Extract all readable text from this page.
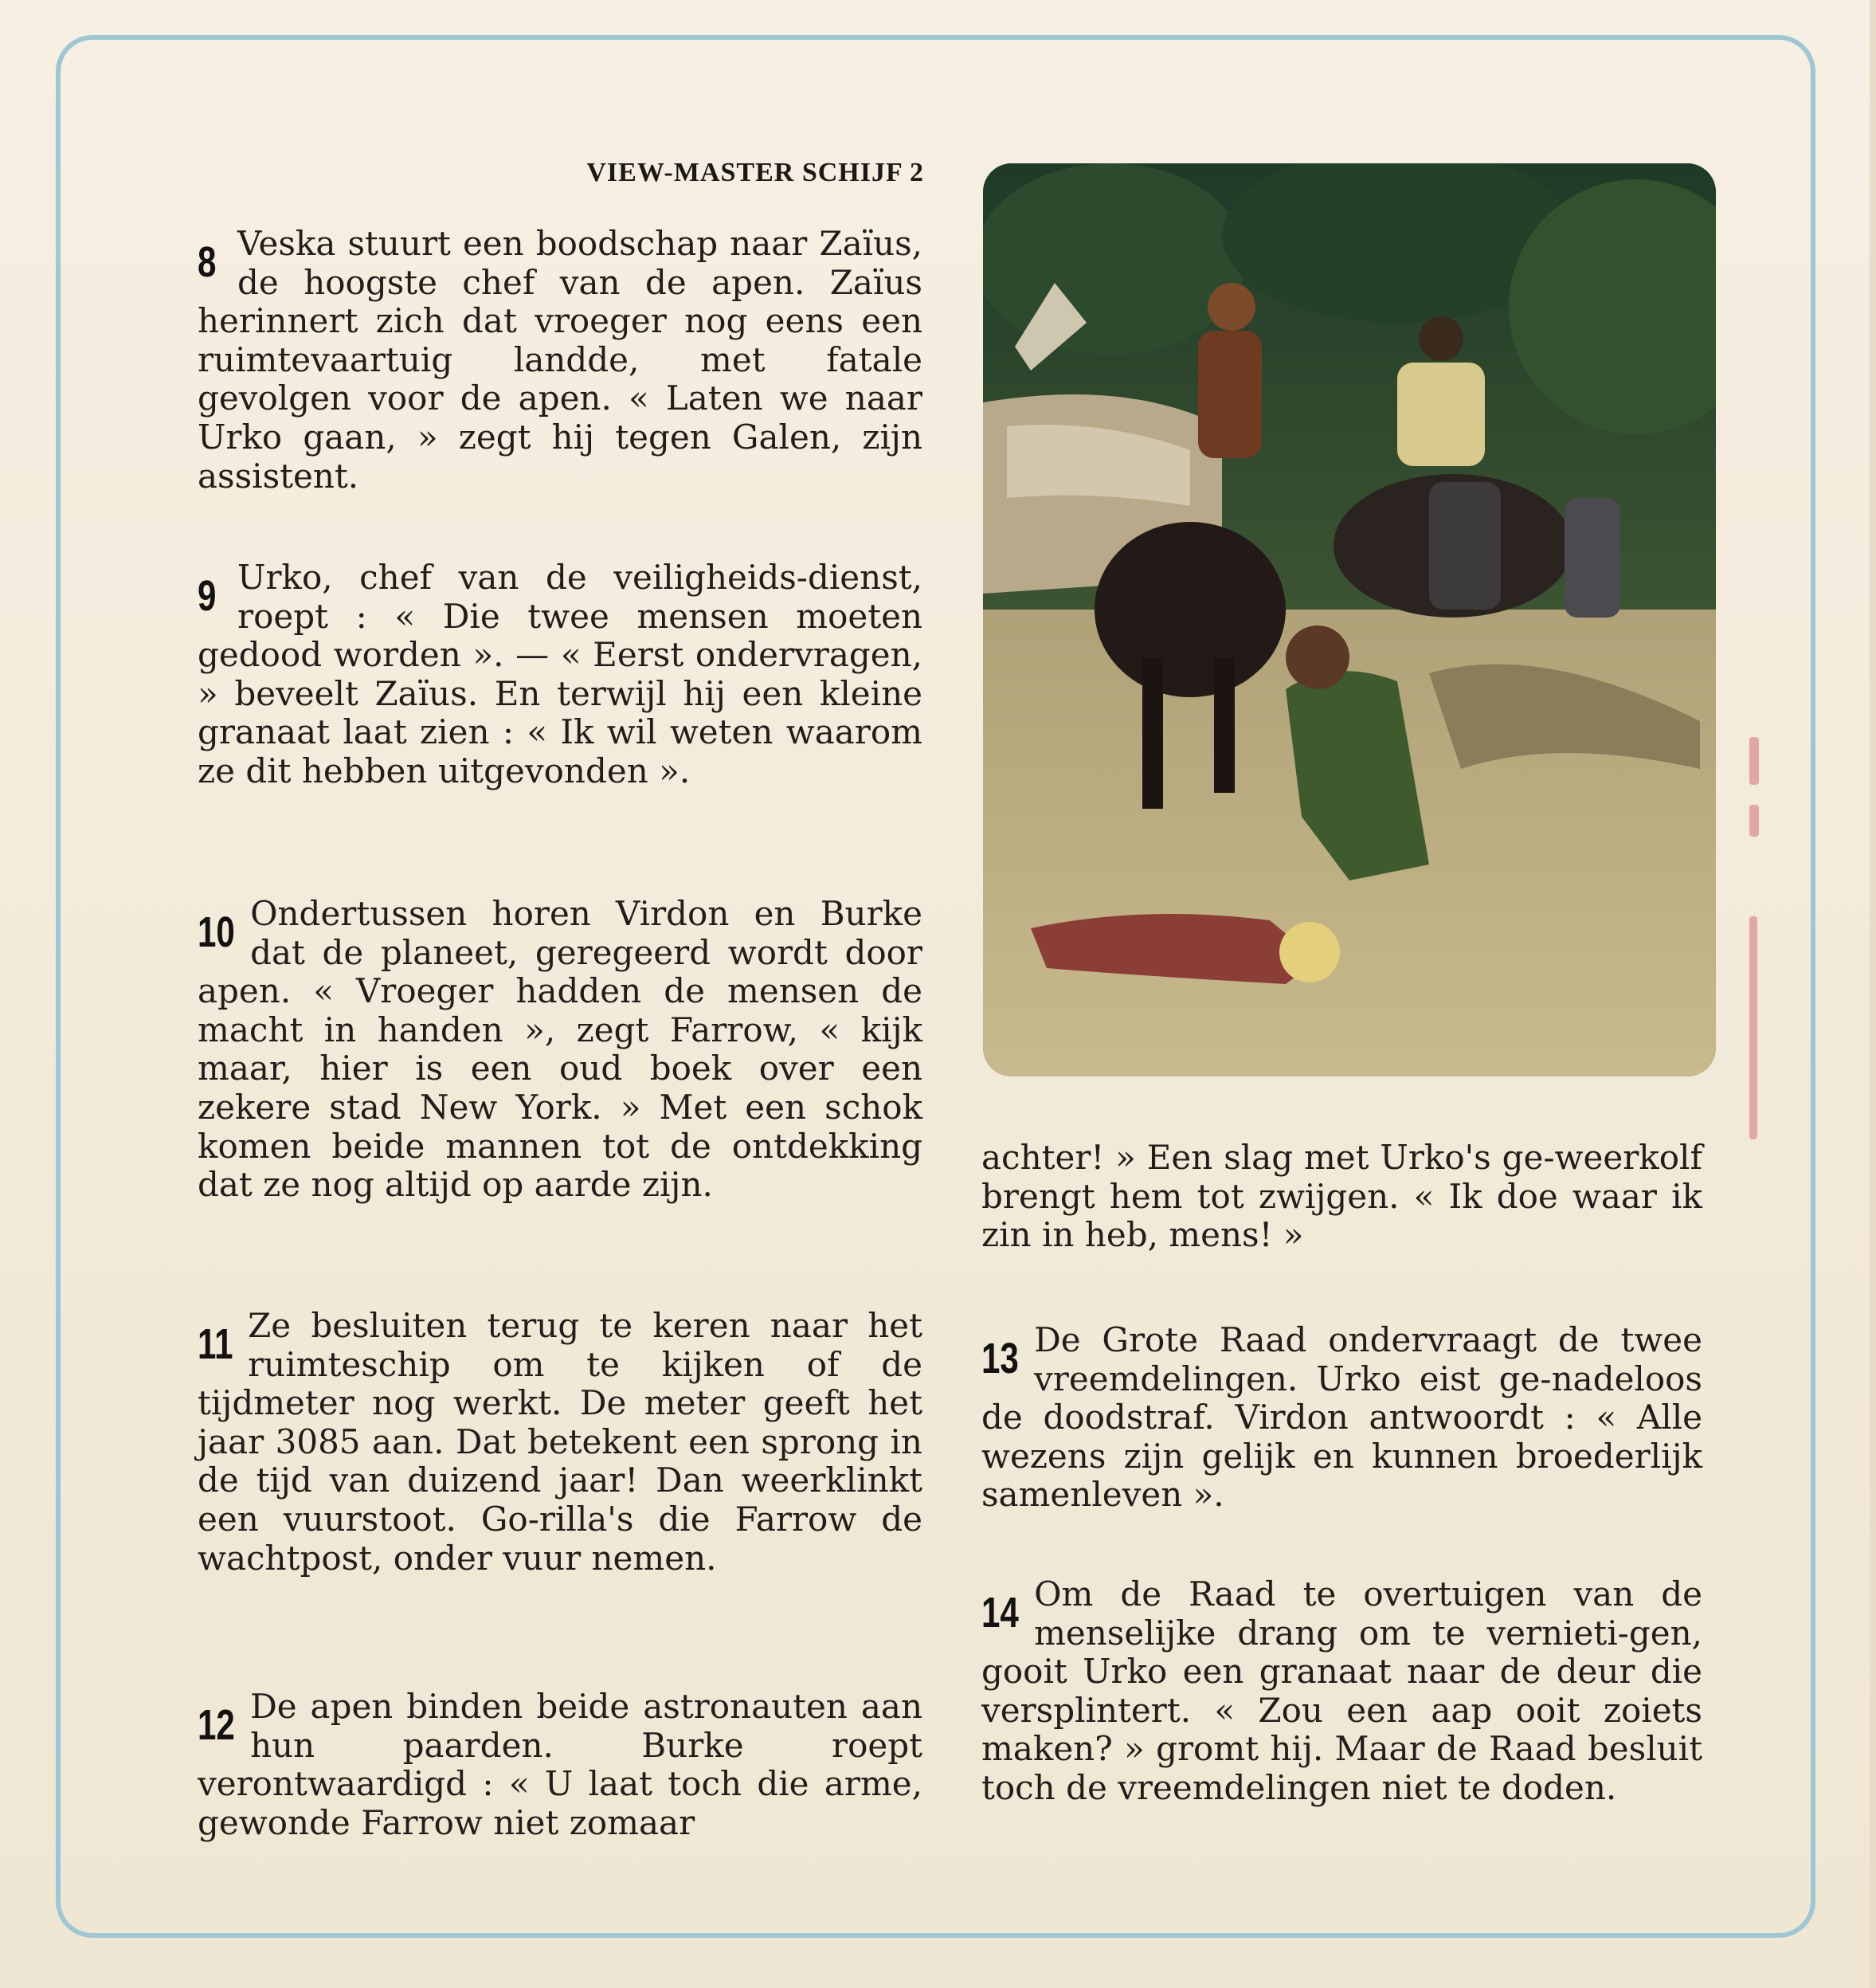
VIEW-MASTER SCHIJF 2
8 Veska stuurt een boodschap naar Zaïus, de hoogste chef van de apen. Zaïus herinnert zich dat vroeger nog eens een ruimtevaartuig landde, met fatale gevolgen voor de apen. « Laten we naar Urko gaan, » zegt hij tegen Galen, zijn assistent.
9 Urko, chef van de veiligheids-dienst, roept : « Die twee mensen moeten gedood worden ». — « Eerst ondervragen, » beveelt Zaïus. En terwijl hij een kleine granaat laat zien : « Ik wil weten waarom ze dit hebben uitgevonden ».
10 Ondertussen horen Virdon en Burke dat de planeet, geregeerd wordt door apen. « Vroeger hadden de mensen de macht in handen », zegt Farrow, « kijk maar, hier is een oud boek over een zekere stad New York. » Met een schok komen beide mannen tot de ontdekking dat ze nog altijd op aarde zijn.
11 Ze besluiten terug te keren naar het ruimteschip om te kijken of de tijdmeter nog werkt. De meter geeft het jaar 3085 aan. Dat betekent een sprong in de tijd van duizend jaar! Dan weerklinkt een vuurstoot. Go-rilla's die Farrow de wachtpost, onder vuur nemen.
12 De apen binden beide astronauten aan hun paarden. Burke roept verontwaardigd : « U laat toch die arme, gewonde Farrow niet zomaar
achter! » Een slag met Urko's ge-weerkolf brengt hem tot zwijgen. « Ik doe waar ik zin in heb, mens! »
13 De Grote Raad ondervraagt de twee vreemdelingen. Urko eist ge-nadeloos de doodstraf. Virdon antwoordt : « Alle wezens zijn gelijk en kunnen broederlijk samenleven ».
14 Om de Raad te overtuigen van de menselijke drang om te vernieti-gen, gooit Urko een granaat naar de deur die versplintert. « Zou een aap ooit zoiets maken? » gromt hij. Maar de Raad besluit toch de vreemdelingen niet te doden.
